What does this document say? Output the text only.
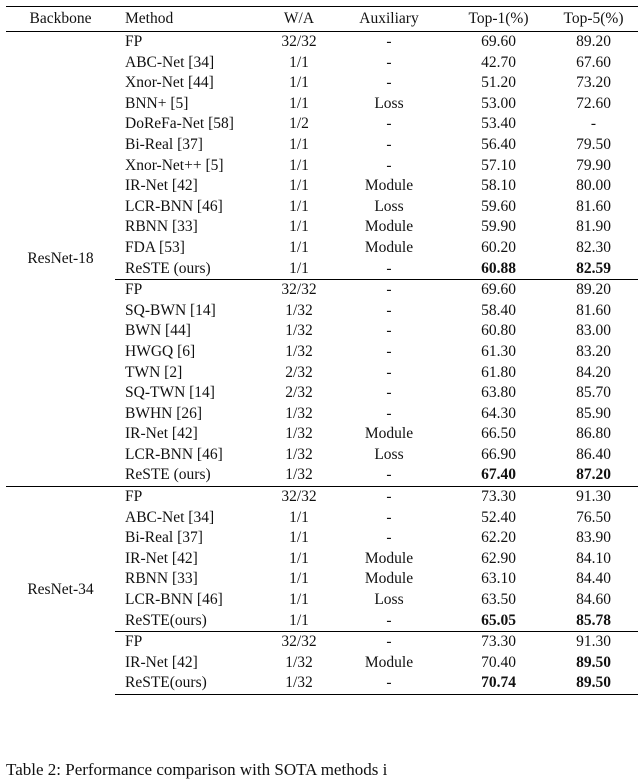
Backbone	Method	W/A	Auxiliary	Top-1(%)	Top-5(%)
ResNet-18	FP	32/32	-	69.60	89.20
	ABC-Net [34]	1/1	-	42.70	67.60
	Xnor-Net [44]	1/1	-	51.20	73.20
	BNN+ [5]	1/1	Loss	53.00	72.60
	DoReFa-Net [58]	1/2	-	53.40	-
	Bi-Real [37]	1/1	-	56.40	79.50
	Xnor-Net++ [5]	1/1	-	57.10	79.90
	IR-Net [42]	1/1	Module	58.10	80.00
	LCR-BNN [46]	1/1	Loss	59.60	81.60
	RBNN [33]	1/1	Module	59.90	81.90
	FDA [53]	1/1	Module	60.20	82.30
	ReSTE (ours)	1/1	-	60.88	82.59
	FP	32/32	-	69.60	89.20
	SQ-BWN [14]	1/32	-	58.40	81.60
	BWN [44]	1/32	-	60.80	83.00
	HWGQ [6]	1/32	-	61.30	83.20
	TWN [2]	2/32	-	61.80	84.20
	SQ-TWN [14]	2/32	-	63.80	85.70
	BWHN [26]	1/32	-	64.30	85.90
	IR-Net [42]	1/32	Module	66.50	86.80
	LCR-BNN [46]	1/32	Loss	66.90	86.40
	ReSTE (ours)	1/32	-	67.40	87.20
ResNet-34	FP	32/32	-	73.30	91.30
	ABC-Net [34]	1/1	-	52.40	76.50
	Bi-Real [37]	1/1	-	62.20	83.90
	IR-Net [42]	1/1	Module	62.90	84.10
	RBNN [33]	1/1	Module	63.10	84.40
	LCR-BNN [46]	1/1	Loss	63.50	84.60
	ReSTE(ours)	1/1	-	65.05	85.78
	FP	32/32	-	73.30	91.30
	IR-Net [42]	1/32	Module	70.40	89.50
	ReSTE(ours)	1/32	-	70.74	89.50
Table 2: Performance comparison with SOTA methods i
